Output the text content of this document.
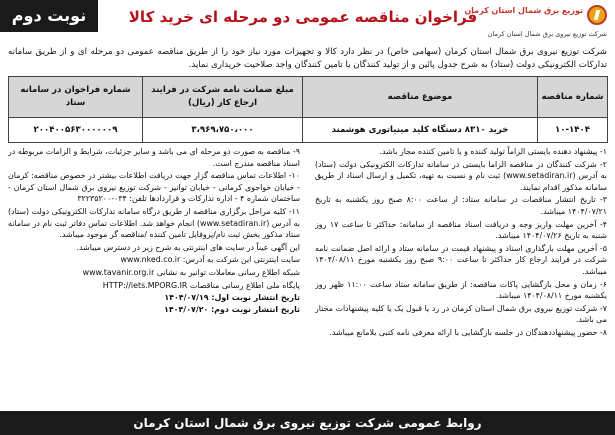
نوبت دوم	فراخوان مناقصه عمومی دو مرحله ای خرید کالا
توزیع برق شمال استان کرمان
شرکت توزیع نیروی برق شمال استان کرمان
شرکت توزیع نیروی برق شمال استان کرمان (سهامی خاص) در نظر دارد کالا و تجهیزات مورد نیاز خود را از طریق مناقصه عمومی دو مرحله ای و از طریق سامانه تدارکات الکترونیکی دولت (ستاد) به شرح جدول پائین و از تولید کنندگان یا تامین کنندگان واجد صلاحیت خریداری نماید.
شماره مناقصه	موضوع مناقصه	مبلغ ضمانت نامه شرکت در فرایند ارجاع کار (ریال)	شماره فراخوان در سامانه ستاد
۱۰-۱۴۰۴	خرید ۸۳۱۰ دستگاه کلید مینیاتوری هوشمند	۳،۹۶۹،۷۵۰،۰۰۰	۲۰۰۴۰۰۵۶۳۰۰۰۰۰۰۹

۱- پیشنهاد دهنده بایستی الزاماً تولید کننده و یا تامین کننده مجاز باشد.

۲- شرکت کنندگان در مناقصه الزاما بایستی در سامانه تدارکات الکترونیکی دولت (ستاد) به آدرس (www.setadiran.ir) ثبت نام و نسبت به تهیه، تکمیل و ارسال اسناد از طریق سامانه مذکور اقدام نمایند.

۳- تاریخ انتشار مناقصات در سامانه ستاد: از ساعت ۸:۰۰ صبح روز یکشنبه به تاریخ ۱۴۰۴/۰۷/۲۱ میباشد.

۴- آخرین مهلت واریز وجه و دریافت اسناد مناقصه از سامانه: حداکثر تا ساعت ۱۷ روز شنبه به تاریخ ۱۴۰۴/۰۷/۲۶ میباشد.

۵- آخرین مهلت بارگذاری اسناد و پیشنهاد قیمت در سامانه ستاد و ارائه اصل ضمانت نامه شرکت در فرایند ارجاع کار حداکثر تا ساعت ۹:۰۰ صبح روز یکشنبه مورخ ۱۴۰۴/۰۸/۱۱ میباشد.

۶- زمان و محل بازگشایی پاکات مناقصه: از طریق سامانه ستاد ساعت ۱۱:۰۰ ظهر روز یکشنبه مورخ ۱۴۰۴/۰۸/۱۱ میباشد.

۷- شرکت توزیع نیروی برق شمال استان کرمان در رد یا قبول یک یا کلیه پیشنهادات مختار می باشد.

۸- حضور پیشنهاددهندگان در جلسه بازگشایی با ارائه معرفی نامه کتبی بلامانع میباشد.

۹- مناقصه به صورت دو مرحله ای می باشد و سایر جزئیات، شرایط و الزامات مربوطه در اسناد مناقصه مندرج است.

۱۰- اطلاعات تماس مناقصه گزار جهت دریافت اطلاعات بیشتر در خصوص مناقصه: کرمان - خیابان خواجوی کرمانی - خیابان توانیر - شرکت توزیع نیروی برق شمال استان کرمان - ساختمان شماره ۴ - اداره تدارکات و قراردادها تلفن: ۰۳۴-۳۲۲۳۵۲۰۰

۱۱- کلیه مراحل برگزاری مناقصه از طریق درگاه سامانه تدارکات الکترونیکی دولت (ستاد) به آدرس (www.setadiran.ir) انجام خواهد شد. اطلاعات تماس دفاتر ثبت نام در سامانه ستاد مذکور بخش ثبت نام/پروفایل تامین کننده /مناقصه گر موجود میباشد.

این آگهی عیناً در سایت های اینترنتی به شرح زیر در دسترس میباشد.

سایت اینترنتی این شرکت به آدرس: www.nked.co.ir

شبکه اطلاع رسانی معاملات توانیر به نشانی www.tavanir.org.ir

پایگاه ملی اطلاع رسانی مناقصات HTTP://iets.MPORG.IR

تاریخ انتشار نوبت اول: ۱۴۰۴/۰۷/۱۹
تاریخ انتشار نوبت دوم: ۱۴۰۴/۰۷/۲۰

روابط عمومی شرکت توزیع نیروی برق شمال استان کرمان
